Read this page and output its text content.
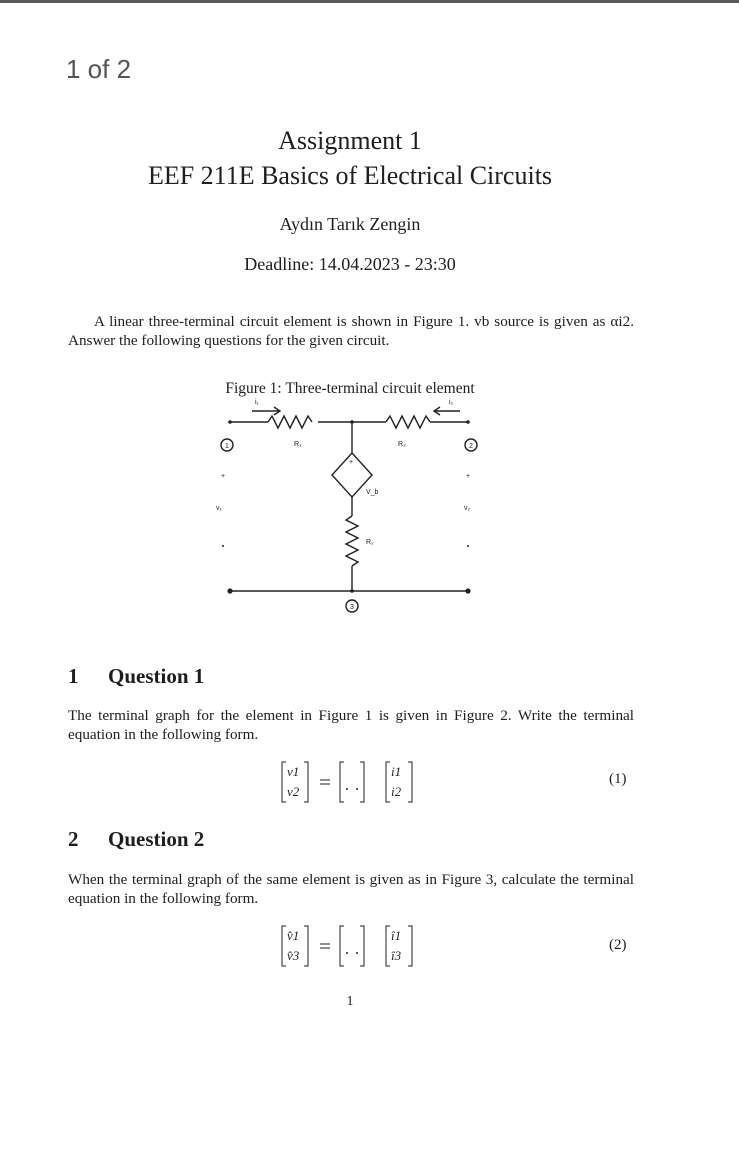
1 of 2
Assignment 1
EEF 211E Basics of Electrical Circuits
Aydın Tarık Zengin
Deadline: 14.04.2023 - 23:30
A linear three-terminal circuit element is shown in Figure 1. vb source is given as αi2. Answer the following questions for the given circuit.
Figure 1: Three-terminal circuit element
i₁	i₂
R₁	R₃
V_b
R₂
v₁	v₂
+	+
+
1	2
3
1 Question 1
The terminal graph for the element in Figure 1 is given in Figure 2. Write the terminal equation in the following form.
v1
v2
i1
i2
(1)
2 Question 2
When the terminal graph of the same element is given as in Figure 3, calculate the terminal equation in the following form.
v̂1
v̂3
î1
î3
(2)
1
